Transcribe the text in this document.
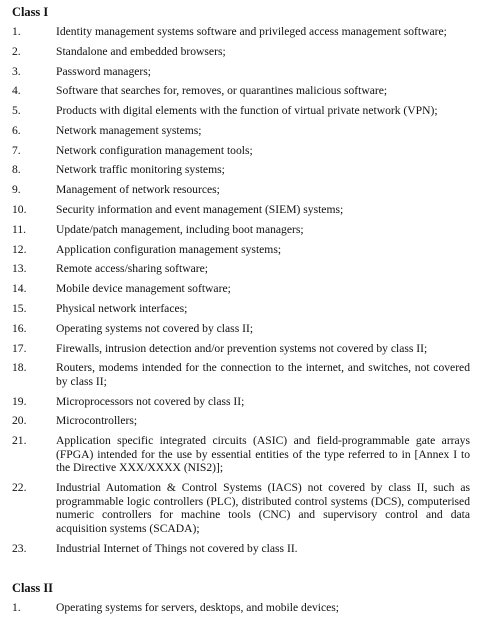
Class I
1.	Identity management systems software and privileged access management software;
2.	Standalone and embedded browsers;
3.	Password managers;
4.	Software that searches for, removes, or quarantines malicious software;
5.	Products with digital elements with the function of virtual private network (VPN);
6.	Network management systems;
7.	Network configuration management tools;
8.	Network traffic monitoring systems;
9.	Management of network resources;
10.	Security information and event management (SIEM) systems;
11.	Update/patch management, including boot managers;
12.	Application configuration management systems;
13.	Remote access/sharing software;
14.	Mobile device management software;
15.	Physical network interfaces;
16.	Operating systems not covered by class II;
17.	Firewalls, intrusion detection and/or prevention systems not covered by class II;
18.	Routers, modems intended for the connection to the internet, and switches, not covered by class II;
19.	Microprocessors not covered by class II;
20.	Microcontrollers;
21.	Application specific integrated circuits (ASIC) and field-programmable gate arrays (FPGA) intended for the use by essential entities of the type referred to in [Annex I to the Directive XXX/XXXX (NIS2)];
22.	Industrial Automation & Control Systems (IACS) not covered by class II, such as programmable logic controllers (PLC), distributed control systems (DCS), computerised numeric controllers for machine tools (CNC) and supervisory control and data acquisition systems (SCADA);
23.	Industrial Internet of Things not covered by class II.
Class II
1.	Operating systems for servers, desktops, and mobile devices;
